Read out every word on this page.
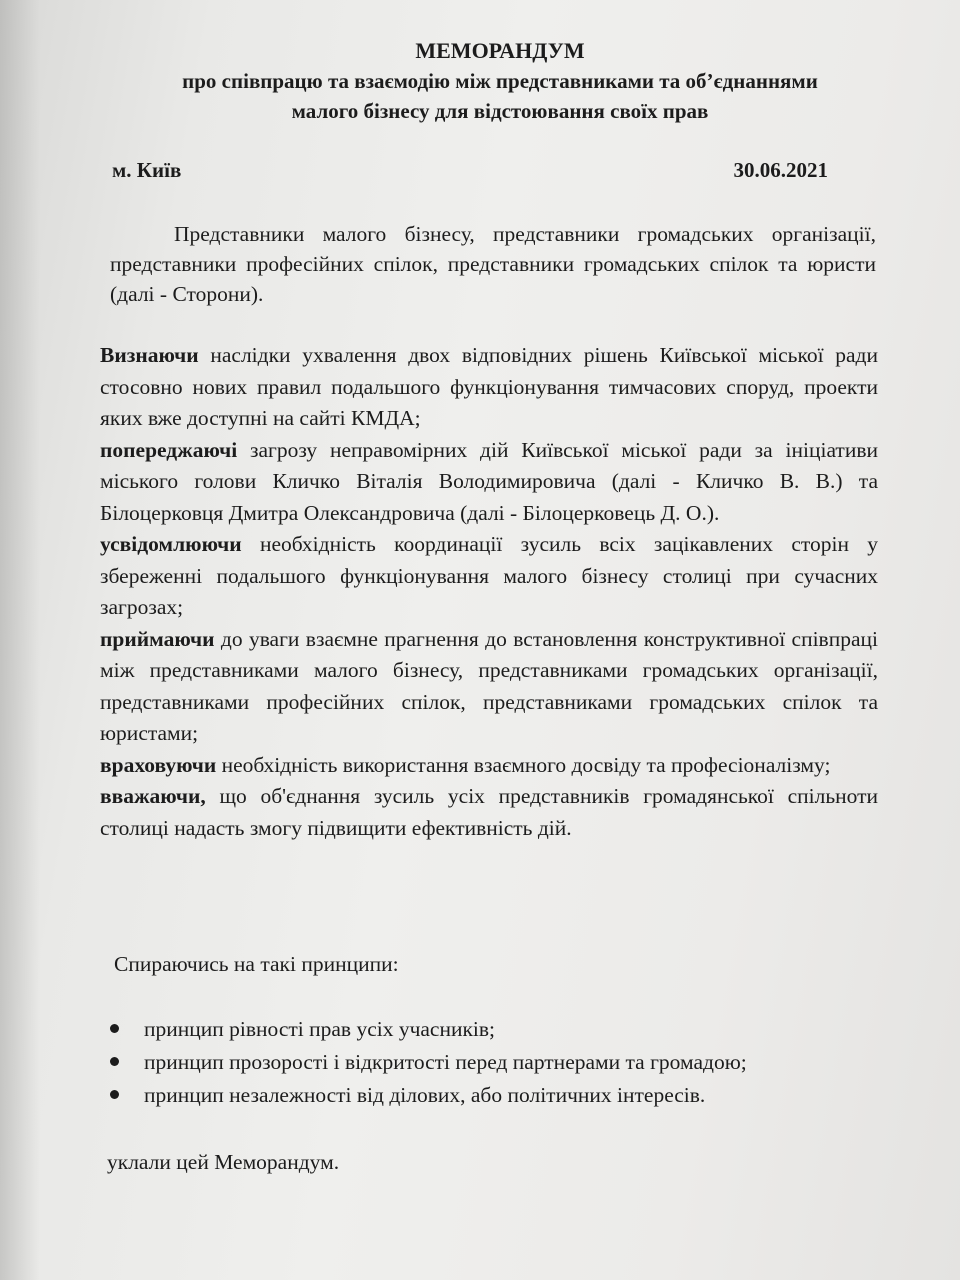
МЕМОРАНДУМ
про співпрацю та взаємодію між представниками та об’єднаннями
малого бізнесу для відстоювання своїх прав
м. Київ	30.06.2021

Представники малого бізнесу, представники громадських організації, представники професійних спілок, представники громадських спілок та юристи (далі - Сторони).

Визнаючи наслідки ухвалення двох відповідних рішень Київської міської ради стосовно нових правил подальшого функціонування тимчасових споруд, проекти яких вже доступні на сайті КМДА;

попереджаючі загрозу неправомірних дій Київської міської ради за ініціативи міського голови Кличко Віталія Володимировича (далі - Кличко В. В.) та Білоцерковця Дмитра Олександровича (далі - Білоцерковець Д. О.).

усвідомлюючи необхідність координації зусиль всіх зацікавлених сторін у збереженні подальшого функціонування малого бізнесу столиці при сучасних загрозах;

приймаючи до уваги взаємне прагнення до встановлення конструктивної співпраці між представниками малого бізнесу, представниками громадських організації, представниками професійних спілок, представниками громадських спілок та юристами;

враховуючи необхідність використання взаємного досвіду та професіоналізму;

вважаючи, що об'єднання зусиль усіх представників громадянської спільноти столиці надасть змогу підвищити ефективність дій.

Спираючись на такі принципи:
принцип рівності прав усіх учасників;
принцип прозорості і відкритості перед партнерами та громадою;
принцип незалежності від ділових, або політичних інтересів.
уклали цей Меморандум.
